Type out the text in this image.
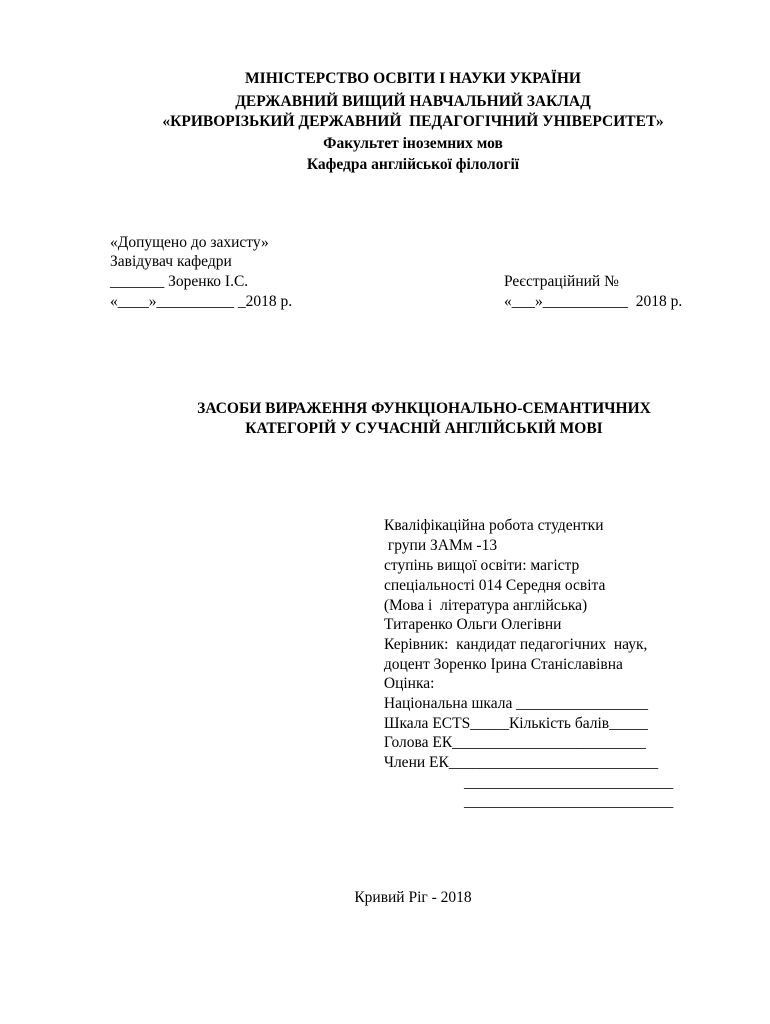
МІНІСТЕРСТВО ОСВІТИ І НАУКИ УКРАЇНИ
ДЕРЖАВНИЙ ВИЩИЙ НАВЧАЛЬНИЙ ЗАКЛАД
«КРИВОРІЗЬКИЙ ДЕРЖАВНИЙ  ПЕДАГОГІЧНИЙ УНІВЕРСИТЕТ»
Факультет іноземних мов
Кафедра англійської філології
«Допущено до захисту»
Завідувач кафедри
_______ Зоренко І.С.
«____»__________ _2018 р.
Реєстраційний №
«___»___________  2018 р.
ЗАСОБИ ВИРАЖЕННЯ ФУНКЦІОНАЛЬНО-СЕМАНТИЧНИХ
КАТЕГОРІЙ У СУЧАСНІЙ АНГЛІЙСЬКІЙ МОВІ
Кваліфікаційна робота студентки
групи ЗАМм -13
ступінь вищої освіти: магістр
спеціальності 014 Середня освіта
(Мова і  література англійська)
Титаренко Ольги Олегівни
Керівник:  кандидат педагогічних  наук,
доцент Зоренко Ірина Станіславівна
Оцінка:
Національна шкала _________________
Шкала ECTS_____Кількість балів_____
Голова ЕК_________________________
Члени ЕК___________________________
___________________________
___________________________
Кривий Ріг - 2018
